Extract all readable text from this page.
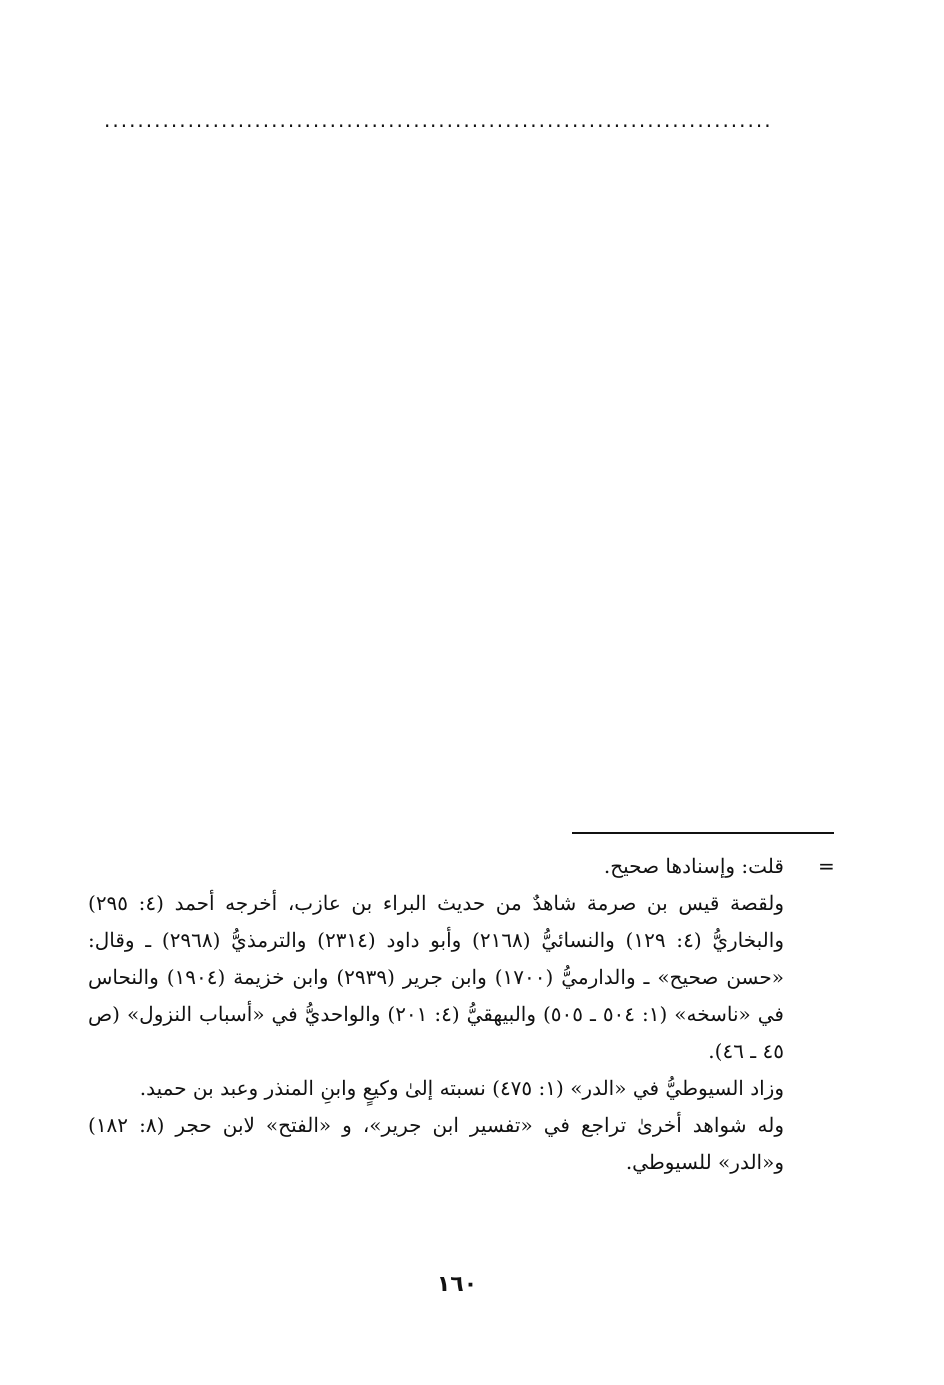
................................................................................
=

قلت: وإسنادها صحيح.

ولقصة قيس بن صرمة شاهدٌ من حديث البراء بن عازب، أخرجه أحمد (٤: ٢٩٥) والبخاريُّ (٤: ١٢٩) والنسائيُّ (٢١٦٨) وأبو داود (٢٣١٤) والترمذيُّ (٢٩٦٨) ـ وقال: «حسن صحيح» ـ والدارميُّ (١٧٠٠) وابن جرير (٢٩٣٩) وابن خزيمة (١٩٠٤) والنحاس في «ناسخه» (١: ٥٠٤ ـ ٥٠٥) والبيهقيُّ (٤: ٢٠١) والواحديُّ في «أسباب النزول» (ص ٤٥ ـ ٤٦).

وزاد السيوطيُّ في «الدر» (١: ٤٧٥) نسبته إلىٰ وكيعٍ وابنِ المنذر وعبد بن حميد.

وله شواهد أخرىٰ تراجع في «تفسير ابن جرير»، و «الفتح» لابن حجر (٨: ١٨٢) و«الدر» للسيوطي.

١٦٠
